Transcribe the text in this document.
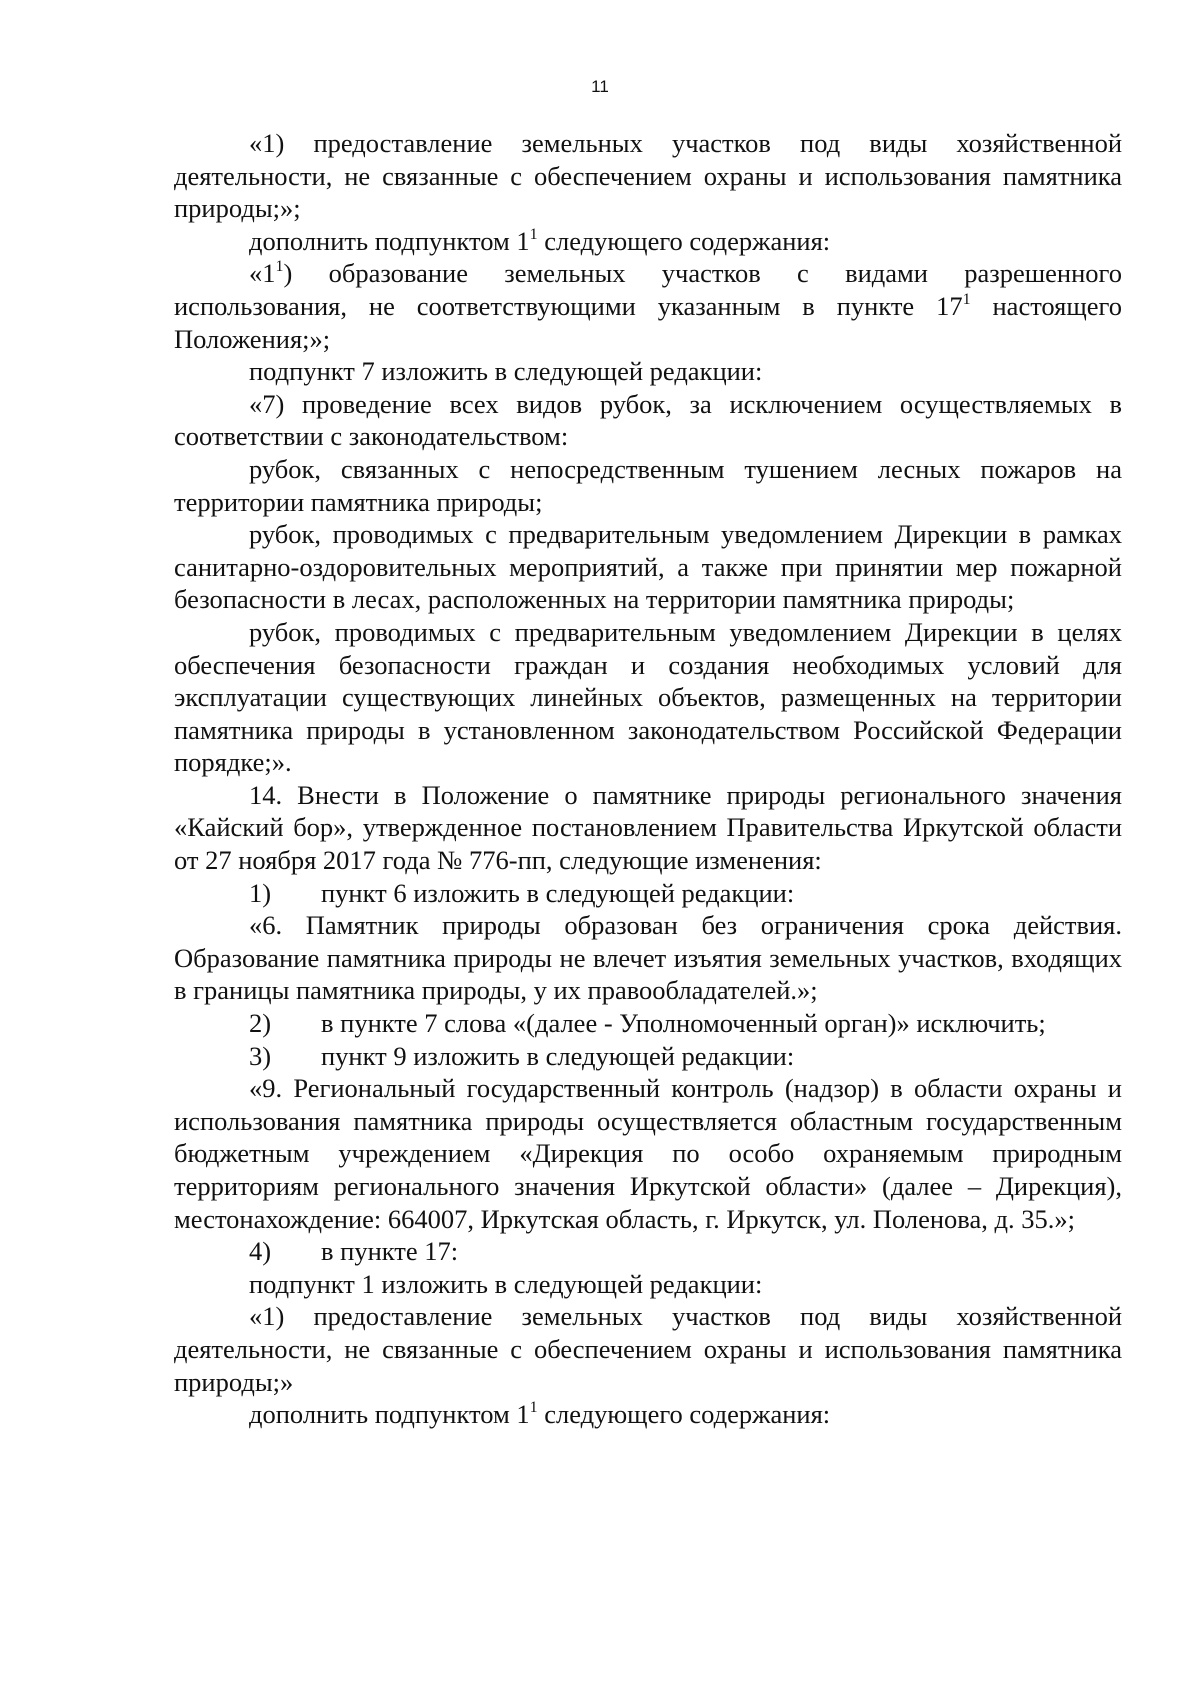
11

«1) предоставление земельных участков под виды хозяйственной деятельности, не связанные с обеспечением охраны и использования памятника природы;»;

дополнить подпунктом $1^1$ следующего содержания:

«$1^1$) образование земельных участков с видами разрешенного использования, не соответствующими указанным в пункте $17^1$ настоящего Положения;»;

подпункт 7 изложить в следующей редакции:

«7) проведение всех видов рубок, за исключением осуществляемых в соответствии с законодательством:

рубок, связанных с непосредственным тушением лесных пожаров на территории памятника природы;

рубок, проводимых с предварительным уведомлением Дирекции в рамках санитарно-оздоровительных мероприятий, а также при принятии мер пожарной безопасности в лесах, расположенных на территории памятника природы;

рубок, проводимых с предварительным уведомлением Дирекции в целях обеспечения безопасности граждан и создания необходимых условий для эксплуатации существующих линейных объектов, размещенных на территории памятника природы в установленном законодательством Российской Федерации порядке;».

14. Внести в Положение о памятнике природы регионального значения «Кайский бор», утвержденное постановлением Правительства Иркутской области от 27 ноября 2017 года № 776-пп, следующие изменения:

1) пункт 6 изложить в следующей редакции:

«6. Памятник природы образован без ограничения срока действия. Образование памятника природы не влечет изъятия земельных участков, входящих в границы памятника природы, у их правообладателей.»;

2) в пункте 7 слова «(далее - Уполномоченный орган)» исключить;

3) пункт 9 изложить в следующей редакции:

«9. Региональный государственный контроль (надзор) в области охраны и использования памятника природы осуществляется областным государственным бюджетным учреждением «Дирекция по особо охраняемым природным территориям регионального значения Иркутской области» (далее – Дирекция), местонахождение: 664007, Иркутская область, г. Иркутск, ул. Поленова, д. 35.»;

4) в пункте 17:

подпункт 1 изложить в следующей редакции:

«1) предоставление земельных участков под виды хозяйственной деятельности, не связанные с обеспечением охраны и использования памятника природы;»

дополнить подпунктом $1^1$ следующего содержания:
